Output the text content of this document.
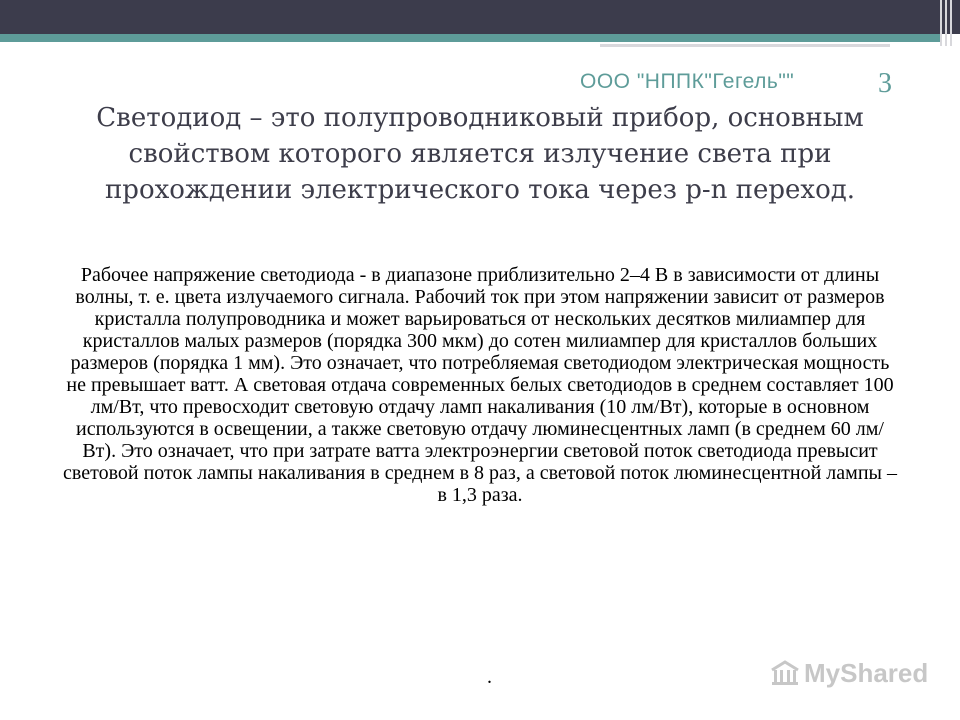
ООО "НППК"Гегель""	3
Светодиод – это полупроводниковый прибор, основным свойством которого является излучение света при прохождении электрического тока через p-n переход.
Рабочее напряжение светодиода - в диапазоне приблизительно 2–4 В в зависимости от длины волны, т. е. цвета излучаемого сигнала. Рабочий ток при этом напряжении зависит от размеров кристалла полупроводника и может варьироваться от нескольких десятков милиампер для кристаллов малых размеров (порядка 300 мкм) до сотен милиампер для кристаллов больших размеров (порядка 1 мм). Это означает, что потребляемая светодиодом электрическая мощность не превышает ватт. А световая отдача современных белых светодиодов в среднем составляет 100 лм/Вт, что превосходит световую отдачу ламп накаливания (10 лм/Вт), которые в основном используются в освещении, а также световую отдачу люминесцентных ламп (в среднем 60 лм/Вт). Это означает, что при затрате ватта электроэнергии световой поток светодиода превысит световой поток лампы накаливания в среднем в 8 раз, а световой поток люминесцентной лампы – в 1,3 раза.
.	MyShared
